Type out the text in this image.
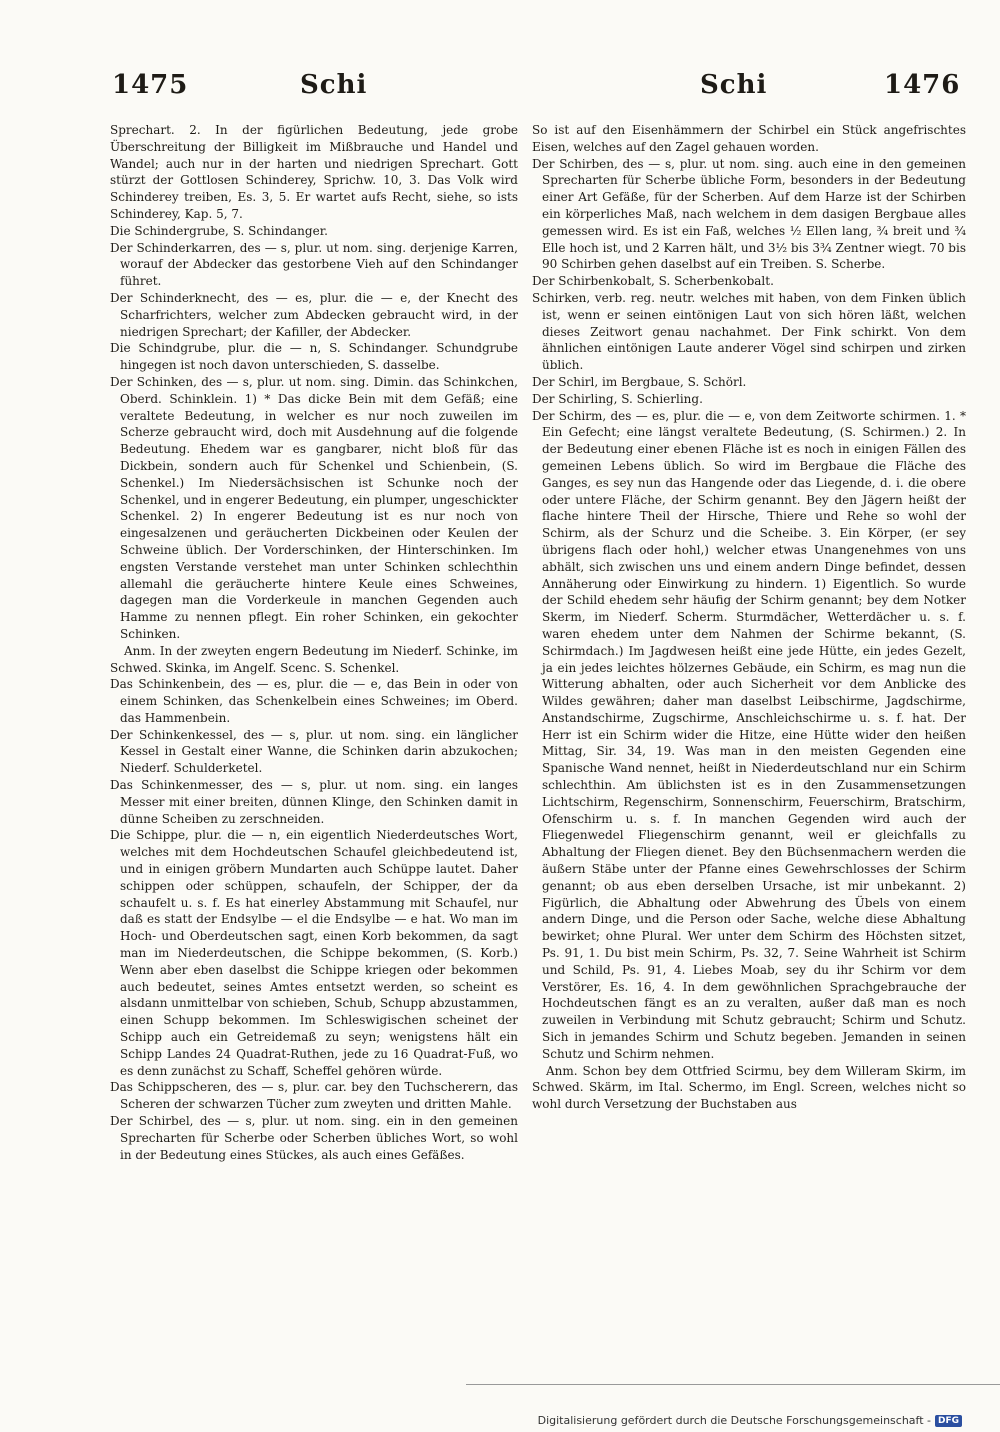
1475	Schi	Schi	1476

Sprechart. 2. In der figürlichen Bedeutung, jede grobe Überschreitung der Billigkeit im Mißbrauche und Handel und Wandel; auch nur in der harten und niedrigen Sprechart. Gott stürzt der Gottlosen Schinderey, Sprichw. 10, 3. Das Volk wird Schinderey treiben, Es. 3, 5. Er wartet aufs Recht, siehe, so ists Schinderey, Kap. 5, 7.

Die Schindergrube, S. Schindanger.

Der Schinderkarren, des — s, plur. ut nom. sing. derjenige Karren, worauf der Abdecker das gestorbene Vieh auf den Schindanger führet.

Der Schinderknecht, des — es, plur. die — e, der Knecht des Scharfrichters, welcher zum Abdecken gebraucht wird, in der niedrigen Sprechart; der Kafiller, der Abdecker.

Die Schindgrube, plur. die — n, S. Schindanger. Schundgrube hingegen ist noch davon unterschieden, S. dasselbe.

Der Schinken, des — s, plur. ut nom. sing. Dimin. das Schinkchen, Oberd. Schinklein. 1) * Das dicke Bein mit dem Gefäß; eine veraltete Bedeutung, in welcher es nur noch zuweilen im Scherze gebraucht wird, doch mit Ausdehnung auf die folgende Bedeutung. Ehedem war es gangbarer, nicht bloß für das Dickbein, sondern auch für Schenkel und Schienbein, (S. Schenkel.) Im Niedersächsischen ist Schunke noch der Schenkel, und in engerer Bedeutung, ein plumper, ungeschickter Schenkel. 2) In engerer Bedeutung ist es nur noch von eingesalzenen und geräucherten Dickbeinen oder Keulen der Schweine üblich. Der Vorderschinken, der Hinterschinken. Im engsten Verstande verstehet man unter Schinken schlechthin allemahl die geräucherte hintere Keule eines Schweines, dagegen man die Vorderkeule in manchen Gegenden auch Hamme zu nennen pflegt. Ein roher Schinken, ein gekochter Schinken.

Anm. In der zweyten engern Bedeutung im Niederf. Schinke, im Schwed. Skinka, im Angelf. Scenc. S. Schenkel.

Das Schinkenbein, des — es, plur. die — e, das Bein in oder von einem Schinken, das Schenkelbein eines Schweines; im Oberd. das Hammenbein.

Der Schinkenkessel, des — s, plur. ut nom. sing. ein länglicher Kessel in Gestalt einer Wanne, die Schinken darin abzukochen; Niederf. Schulderketel.

Das Schinkenmesser, des — s, plur. ut nom. sing. ein langes Messer mit einer breiten, dünnen Klinge, den Schinken damit in dünne Scheiben zu zerschneiden.

Die Schippe, plur. die — n, ein eigentlich Niederdeutsches Wort, welches mit dem Hochdeutschen Schaufel gleichbedeutend ist, und in einigen gröbern Mundarten auch Schüppe lautet. Daher schippen oder schüppen, schaufeln, der Schipper, der da schaufelt u. s. f. Es hat einerley Abstammung mit Schaufel, nur daß es statt der Endsylbe — el die Endsylbe — e hat. Wo man im Hoch- und Oberdeutschen sagt, einen Korb bekommen, da sagt man im Niederdeutschen, die Schippe bekommen, (S. Korb.) Wenn aber eben daselbst die Schippe kriegen oder bekommen auch bedeutet, seines Amtes entsetzt werden, so scheint es alsdann unmittelbar von schieben, Schub, Schupp abzustammen, einen Schupp bekommen. Im Schleswigischen scheinet der Schipp auch ein Getreidemaß zu seyn; wenigstens hält ein Schipp Landes 24 Quadrat-Ruthen, jede zu 16 Quadrat-Fuß, wo es denn zunächst zu Schaff, Scheffel gehören würde.

Das Schippscheren, des — s, plur. car. bey den Tuchscherern, das Scheren der schwarzen Tücher zum zweyten und dritten Mahle.

Der Schirbel, des — s, plur. ut nom. sing. ein in den gemeinen Sprecharten für Scherbe oder Scherben übliches Wort, so wohl in der Bedeutung eines Stückes, als auch eines Gefäßes.

So ist auf den Eisenhämmern der Schirbel ein Stück angefrischtes Eisen, welches auf den Zagel gehauen worden.

Der Schirben, des — s, plur. ut nom. sing. auch eine in den gemeinen Sprecharten für Scherbe übliche Form, besonders in der Bedeutung einer Art Gefäße, für der Scherben. Auf dem Harze ist der Schirben ein körperliches Maß, nach welchem in dem dasigen Bergbaue alles gemessen wird. Es ist ein Faß, welches ½ Ellen lang, ¾ breit und ¾ Elle hoch ist, und 2 Karren hält, und 3½ bis 3¾ Zentner wiegt. 70 bis 90 Schirben gehen daselbst auf ein Treiben. S. Scherbe.

Der Schirbenkobalt, S. Scherbenkobalt.

Schirken, verb. reg. neutr. welches mit haben, von dem Finken üblich ist, wenn er seinen eintönigen Laut von sich hören läßt, welchen dieses Zeitwort genau nachahmet. Der Fink schirkt. Von dem ähnlichen eintönigen Laute anderer Vögel sind schirpen und zirken üblich.

Der Schirl, im Bergbaue, S. Schörl.

Der Schirling, S. Schierling.

Der Schirm, des — es, plur. die — e, von dem Zeitworte schirmen. 1. * Ein Gefecht; eine längst veraltete Bedeutung, (S. Schirmen.) 2. In der Bedeutung einer ebenen Fläche ist es noch in einigen Fällen des gemeinen Lebens üblich. So wird im Bergbaue die Fläche des Ganges, es sey nun das Hangende oder das Liegende, d. i. die obere oder untere Fläche, der Schirm genannt. Bey den Jägern heißt der flache hintere Theil der Hirsche, Thiere und Rehe so wohl der Schirm, als der Schurz und die Scheibe. 3. Ein Körper, (er sey übrigens flach oder hohl,) welcher etwas Unangenehmes von uns abhält, sich zwischen uns und einem andern Dinge befindet, dessen Annäherung oder Einwirkung zu hindern. 1) Eigentlich. So wurde der Schild ehedem sehr häufig der Schirm genannt; bey dem Notker Skerm, im Niederf. Scherm. Sturmdächer, Wetterdächer u. s. f. waren ehedem unter dem Nahmen der Schirme bekannt, (S. Schirmdach.) Im Jagdwesen heißt eine jede Hütte, ein jedes Gezelt, ja ein jedes leichtes hölzernes Gebäude, ein Schirm, es mag nun die Witterung abhalten, oder auch Sicherheit vor dem Anblicke des Wildes gewähren; daher man daselbst Leibschirme, Jagdschirme, Anstandschirme, Zugschirme, Anschleichschirme u. s. f. hat. Der Herr ist ein Schirm wider die Hitze, eine Hütte wider den heißen Mittag, Sir. 34, 19. Was man in den meisten Gegenden eine Spanische Wand nennet, heißt in Niederdeutschland nur ein Schirm schlechthin. Am üblichsten ist es in den Zusammensetzungen Lichtschirm, Regenschirm, Sonnenschirm, Feuerschirm, Bratschirm, Ofenschirm u. s. f. In manchen Gegenden wird auch der Fliegenwedel Fliegenschirm genannt, weil er gleichfalls zu Abhaltung der Fliegen dienet. Bey den Büchsenmachern werden die äußern Stäbe unter der Pfanne eines Gewehrschlosses der Schirm genannt; ob aus eben derselben Ursache, ist mir unbekannt. 2) Figürlich, die Abhaltung oder Abwehrung des Übels von einem andern Dinge, und die Person oder Sache, welche diese Abhaltung bewirket; ohne Plural. Wer unter dem Schirm des Höchsten sitzet, Ps. 91, 1. Du bist mein Schirm, Ps. 32, 7. Seine Wahrheit ist Schirm und Schild, Ps. 91, 4. Liebes Moab, sey du ihr Schirm vor dem Verstörer, Es. 16, 4. In dem gewöhnlichen Sprachgebrauche der Hochdeutschen fängt es an zu veralten, außer daß man es noch zuweilen in Verbindung mit Schutz gebraucht; Schirm und Schutz. Sich in jemandes Schirm und Schutz begeben. Jemanden in seinen Schutz und Schirm nehmen.

Anm. Schon bey dem Ottfried Scirmu, bey dem Willeram Skirm, im Schwed. Skärm, im Ital. Schermo, im Engl. Screen, welches nicht so wohl durch Versetzung der Buchstaben aus

Digitalisierung gefördert durch die Deutsche Forschungsgemeinschaft - DFG
